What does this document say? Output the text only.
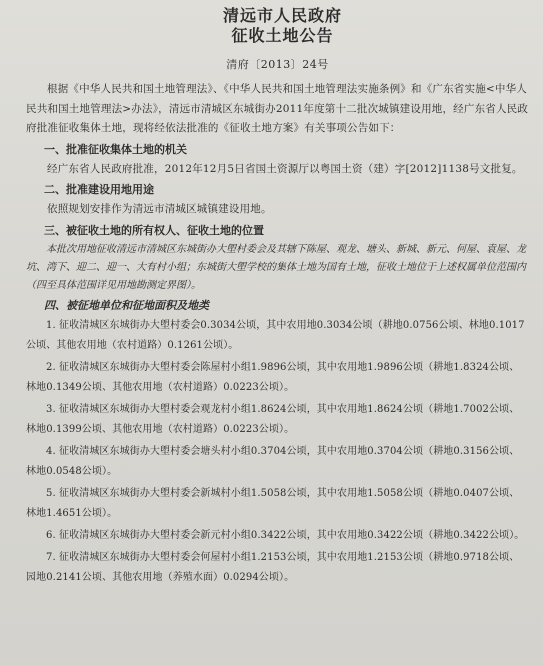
清远市人民政府
征收土地公告
清府〔2013〕24号

根据《中华人民共和国土地管理法》、《中华人民共和国土地管理法实施条例》和《广东省实施<中华人民共和国土地管理法>办法》，清远市清城区东城街办2011年度第十二批次城镇建设用地，经广东省人民政府批准征收集体土地，现将经依法批准的《征收土地方案》有关事项公告如下：

一、批准征收集体土地的机关

经广东省人民政府批准，2012年12月5日省国土资源厅以粤国土资（建）字[2012]1138号文批复。

二、批准建设用地用途

依照规划安排作为清远市清城区城镇建设用地。

三、被征收土地的所有权人、征收土地的位置

本批次用地征收清远市清城区东城街办大塱村委会及其辖下陈屋、观龙、塘头、新城、新元、何屋、袁屋、龙坑、湾下、迎二、迎一、大有村小组；东城街大塱学校的集体土地为国有土地，征收土地位于上述权属单位范围内（四至具体范围详见用地勘测定界图）。

四、被征地单位和征地面积及地类

1. 征收清城区东城街办大塱村委会0.3034公顷，其中农用地0.3034公顷（耕地0.0756公顷、林地0.1017公顷、其他农用地（农村道路）0.1261公顷）。

2. 征收清城区东城街办大塱村委会陈屋村小组1.9896公顷，其中农用地1.9896公顷（耕地1.8324公顷、林地0.1349公顷、其他农用地（农村道路）0.0223公顷）。

3. 征收清城区东城街办大塱村委会观龙村小组1.8624公顷，其中农用地1.8624公顷（耕地1.7002公顷、林地0.1399公顷、其他农用地（农村道路）0.0223公顷）。

4. 征收清城区东城街办大塱村委会塘头村小组0.3704公顷，其中农用地0.3704公顷（耕地0.3156公顷、林地0.0548公顷）。

5. 征收清城区东城街办大塱村委会新城村小组1.5058公顷，其中农用地1.5058公顷（耕地0.0407公顷、林地1.4651公顷）。

6. 征收清城区东城街办大塱村委会新元村小组0.3422公顷，其中农用地0.3422公顷（耕地0.3422公顷）。

7. 征收清城区东城街办大塱村委会何屋村小组1.2153公顷，其中农用地1.2153公顷（耕地0.9718公顷、园地0.2141公顷、其他农用地（养殖水面）0.0294公顷）。
